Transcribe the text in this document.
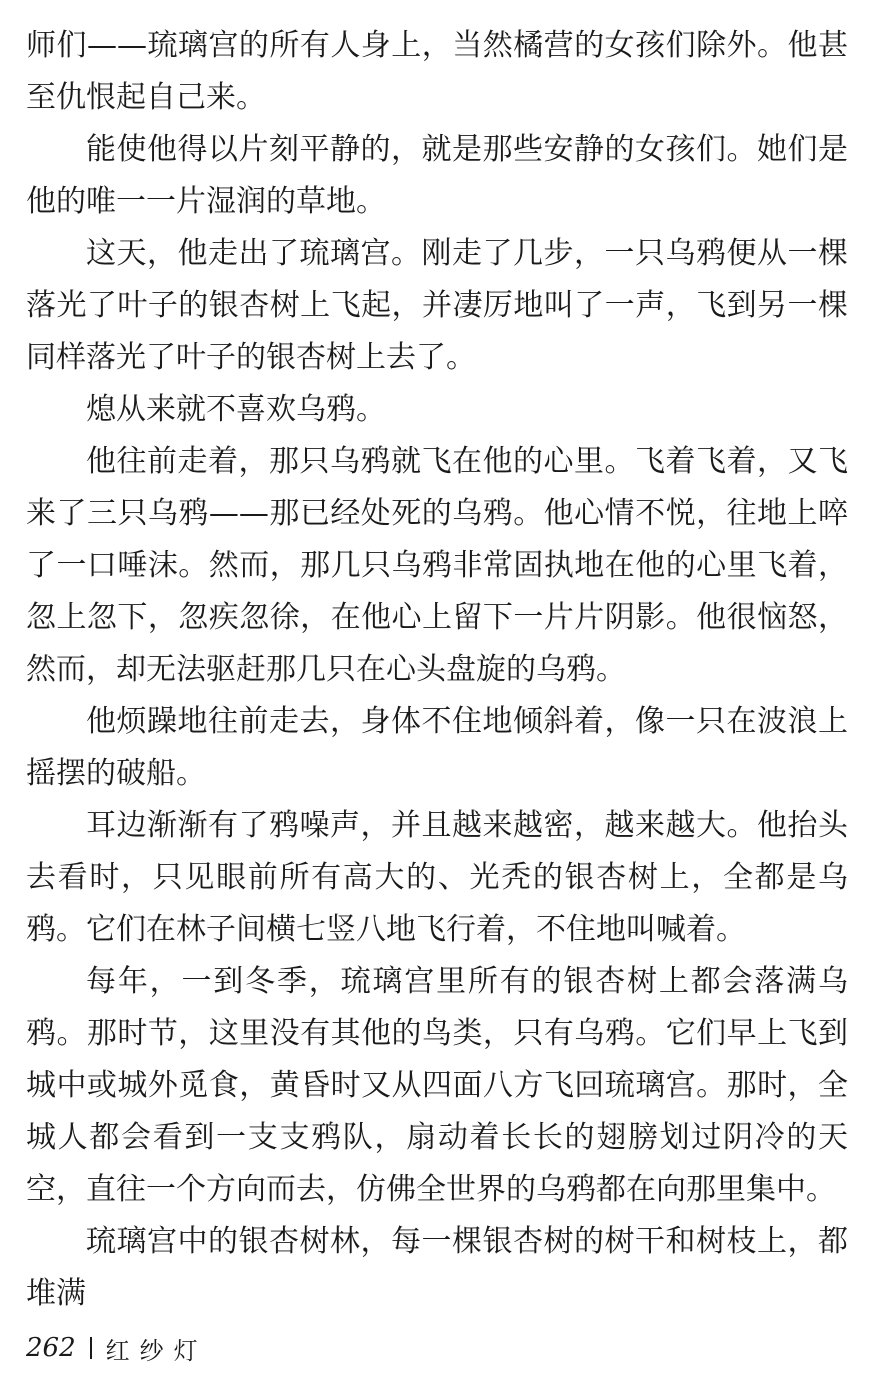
师们——琉璃宫的所有人身上，当然橘营的女孩们除外。他甚至仇恨起自己来。

能使他得以片刻平静的，就是那些安静的女孩们。她们是他的唯一一片湿润的草地。

这天，他走出了琉璃宫。刚走了几步，一只乌鸦便从一棵落光了叶子的银杏树上飞起，并凄厉地叫了一声，飞到另一棵同样落光了叶子的银杏树上去了。

熄从来就不喜欢乌鸦。

他往前走着，那只乌鸦就飞在他的心里。飞着飞着，又飞来了三只乌鸦——那已经处死的乌鸦。他心情不悦，往地上啐了一口唾沫。然而，那几只乌鸦非常固执地在他的心里飞着，忽上忽下，忽疾忽徐，在他心上留下一片片阴影。他很恼怒，然而，却无法驱赶那几只在心头盘旋的乌鸦。

他烦躁地往前走去，身体不住地倾斜着，像一只在波浪上摇摆的破船。

耳边渐渐有了鸦噪声，并且越来越密，越来越大。他抬头去看时，只见眼前所有高大的、光秃的银杏树上，全都是乌鸦。它们在林子间横七竖八地飞行着，不住地叫喊着。

每年，一到冬季，琉璃宫里所有的银杏树上都会落满乌鸦。那时节，这里没有其他的鸟类，只有乌鸦。它们早上飞到城中或城外觅食，黄昏时又从四面八方飞回琉璃宫。那时，全城人都会看到一支支鸦队，扇动着长长的翅膀划过阴冷的天空，直往一个方向而去，仿佛全世界的乌鸦都在向那里集中。

琉璃宫中的银杏树林，每一棵银杏树的树干和树枝上，都堆满

262 红纱灯
